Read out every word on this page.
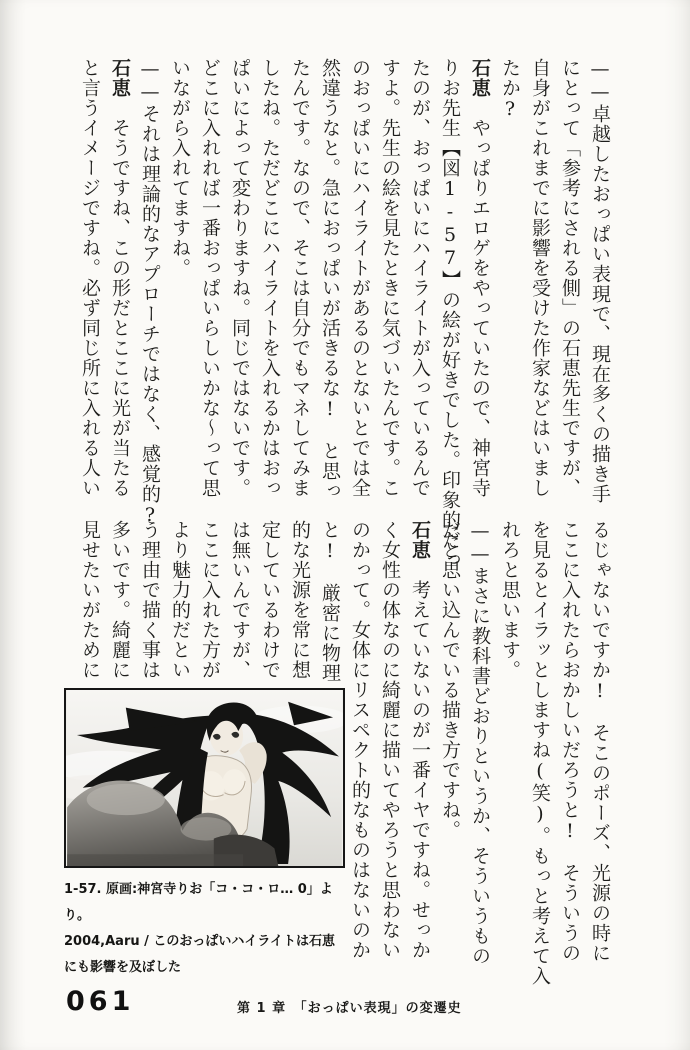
——卓越したおっぱい表現で、現在多くの描き手
にとって「参考にされる側」の石恵先生ですが、
自身がこれまでに影響を受けた作家などはいまし
たか?
石恵　やっぱりエロゲをやっていたので、神宮寺
りお先生【図1-57】の絵が好きでした。印象的だっ
たのが、おっぱいにハイライトが入っているんで
すよ。先生の絵を見たときに気づいたんです。こ
のおっぱいにハイライトがあるのとないとでは全
然違うなと。急におっぱいが活きるな!　と思っ
たんです。なので、そこは自分でもマネしてみま
したね。ただどこにハイライトを入れるかはおっ
ぱいによって変わりますね。同じではないです。
どこに入れれば一番おっぱいらしいかな〜って思
いながら入れてますね。
——それは理論的なアプローチではなく、感覚的?
石恵　そうですね、この形だとここに光が当たる
と言うイメージですね。必ず同じ所に入れる人い
るじゃないですか!　そこのポーズ、光源の時に
ここに入れたらおかしいだろうと!　そういうの
を見るとイラッとしますね(笑)。もっと考えて入
れろと思います。
——まさに教科書どおりというか、そういうもの
だと思い込んでいる描き方ですね。
石恵　考えていないのが一番イヤですね。せっか
く女性の体なのに綺麗に描いてやろうと思わない
のかって。女体にリスペクト的なものはないのか
と!　厳密に物理
的な光源を常に想
定しているわけで
は無いんですが、
ここに入れた方が
より魅力的だとい
う理由で描く事は
多いです。綺麗に
見せたいがために
1-57. 原画:神宮寺りお「コ・コ・ロ… 0」より。
2004,Aaru / このおっぱいハイライトは石恵
にも影響を及ぼした
061	第 1 章　「おっぱい表現」の変遷史
